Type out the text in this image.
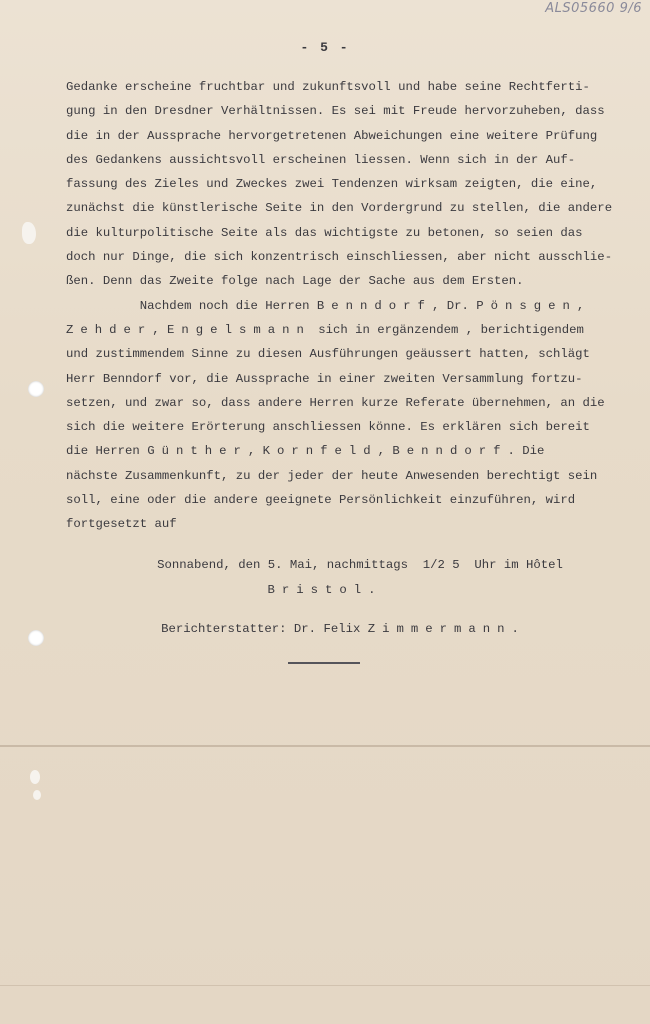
ALS05660 9/6
- 5 -
Gedanke erscheine fruchtbar und zukunftsvoll und habe seine Rechtferti-
gung in den Dresdner Verhältnissen. Es sei mit Freude hervorzuheben, dass
die in der Aussprache hervorgetretenen Abweichungen eine weitere Prüfung
des Gedankens aussichtsvoll erscheinen liessen. Wenn sich in der Auf-
fassung des Zieles und Zweckes zwei Tendenzen wirksam zeigten, die eine,
zunächst die künstlerische Seite in den Vordergrund zu stellen, die andere
die kulturpolitische Seite als das wichtigste zu betonen, so seien das
doch nur Dinge, die sich konzentrisch einschliessen, aber nicht ausschlie-
ßen. Denn das Zweite folge nach Lage der Sache aus dem Ersten.
Nachdem noch die Herren Benndorf, Dr. Pönsgen,
Zehder, Engelsmann sich in ergänzendem , berichtigendem
und zustimmendem Sinne zu diesen Ausführungen geäussert hatten, schlägt
Herr Benndorf vor, die Aussprache in einer zweiten Versammlung fortzu-
setzen, und zwar so, dass andere Herren kurze Referate übernehmen, an die
sich die weitere Erörterung anschliessen könne. Es erklären sich bereit
die Herren Günther, Kornfeld, Benndorf. Die
nächste Zusammenkunft, zu der jeder der heute Anwesenden berechtigt sein
soll, eine oder die andere geeignete Persönlichkeit einzuführen, wird
fortgesetzt auf
Sonnabend, den 5. Mai, nachmittags  1/2 5  Uhr im Hôtel
Bristol.
Berichterstatter: Dr. Felix Zimmermann.
